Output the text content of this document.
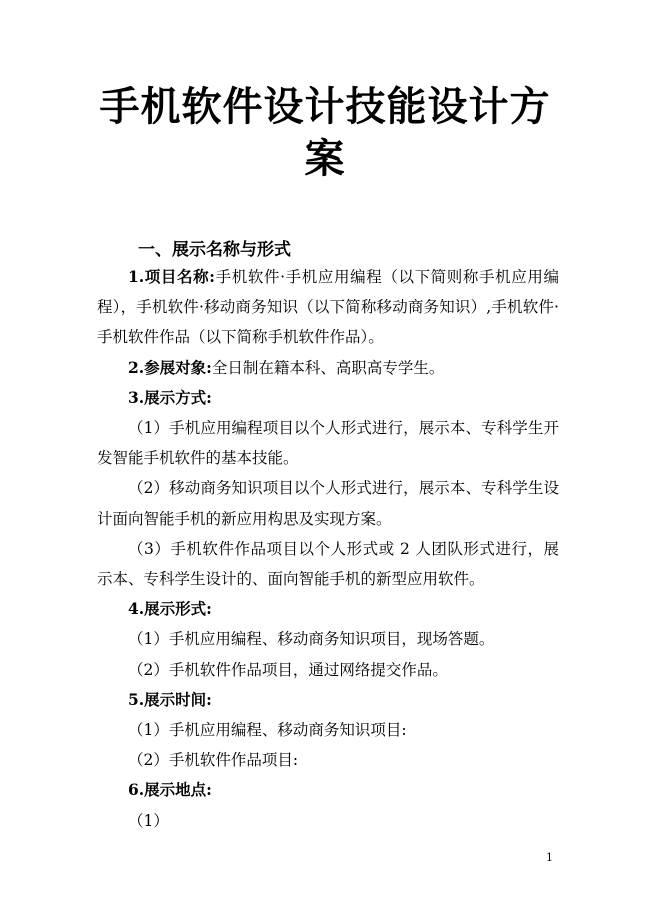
手机软件设计技能设计方
案
一、展示名称与形式

1.项目名称:手机软件·手机应用编程（以下简则称手机应用编程），手机软件·移动商务知识（以下简称移动商务知识）,手机软件·手机软件作品（以下简称手机软件作品）。

2.参展对象:全日制在籍本科、高职高专学生。

3.展示方式:

（1）手机应用编程项目以个人形式进行，展示本、专科学生开发智能手机软件的基本技能。

（2）移动商务知识项目以个人形式进行，展示本、专科学生设计面向智能手机的新应用构思及实现方案。

（3）手机软件作品项目以个人形式或 2 人团队形式进行，展示本、专科学生设计的、面向智能手机的新型应用软件。

4.展示形式:

（1）手机应用编程、移动商务知识项目，现场答题。

（2）手机软件作品项目，通过网络提交作品。

5.展示时间:

（1）手机应用编程、移动商务知识项目:

（2）手机软件作品项目:

6.展示地点:

（1）

1
